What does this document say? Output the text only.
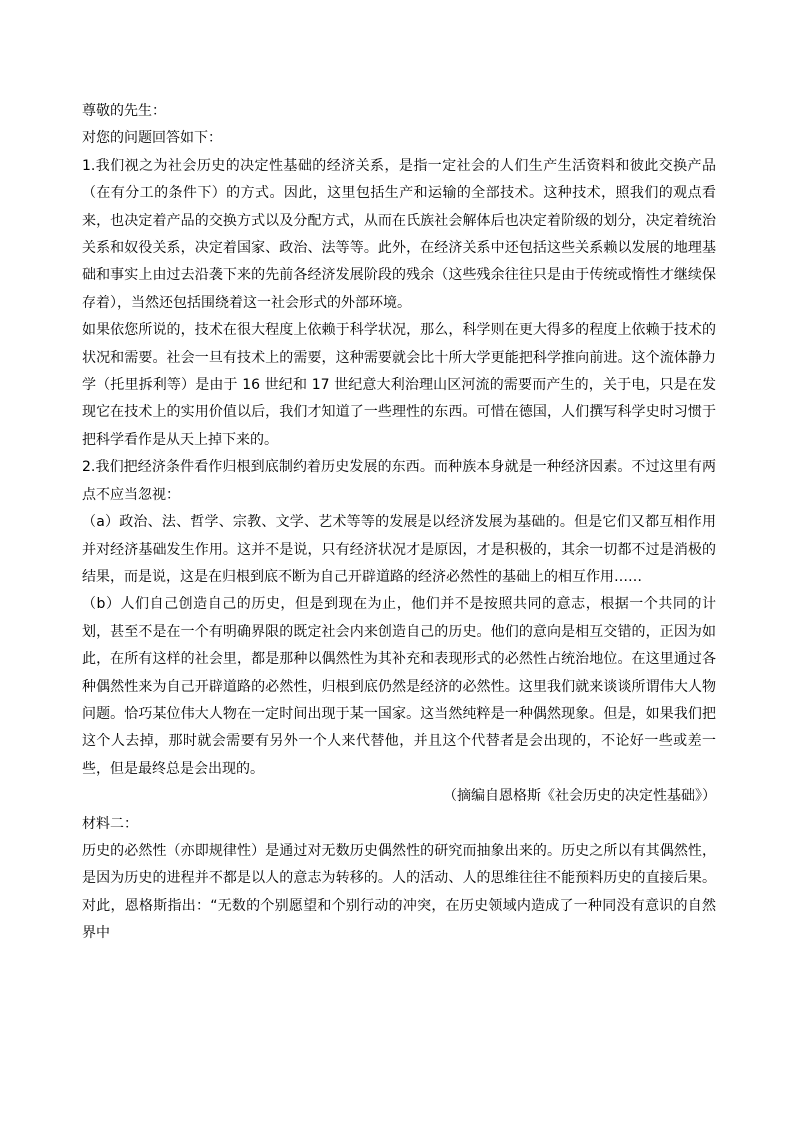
尊敬的先生：

对您的问题回答如下：

1.我们视之为社会历史的决定性基础的经济关系，是指一定社会的人们生产生活资料和彼此交换产品（在有分工的条件下）的方式。因此，这里包括生产和运输的全部技术。这种技术，照我们的观点看来，也决定着产品的交换方式以及分配方式，从而在氏族社会解体后也决定着阶级的划分，决定着统治关系和奴役关系，决定着国家、政治、法等等。此外，在经济关系中还包括这些关系赖以发展的地理基础和事实上由过去沿袭下来的先前各经济发展阶段的残余（这些残余往往只是由于传统或惰性才继续保存着），当然还包括围绕着这一社会形式的外部环境。

如果依您所说的，技术在很大程度上依赖于科学状况，那么，科学则在更大得多的程度上依赖于技术的状况和需要。社会一旦有技术上的需要，这种需要就会比十所大学更能把科学推向前进。这个流体静力学（托里拆利等）是由于 16 世纪和 17 世纪意大利治理山区河流的需要而产生的，关于电，只是在发现它在技术上的实用价值以后，我们才知道了一些理性的东西。可惜在德国，人们撰写科学史时习惯于把科学看作是从天上掉下来的。

2.我们把经济条件看作归根到底制约着历史发展的东西。而种族本身就是一种经济因素。不过这里有两点不应当忽视：

（a）政治、法、哲学、宗教、文学、艺术等等的发展是以经济发展为基础的。但是它们又都互相作用并对经济基础发生作用。这并不是说，只有经济状况才是原因，才是积极的，其余一切都不过是消极的结果，而是说，这是在归根到底不断为自己开辟道路的经济必然性的基础上的相互作用……

（b）人们自己创造自己的历史，但是到现在为止，他们并不是按照共同的意志，根据一个共同的计划，甚至不是在一个有明确界限的既定社会内来创造自己的历史。他们的意向是相互交错的，正因为如此，在所有这样的社会里，都是那种以偶然性为其补充和表现形式的必然性占统治地位。在这里通过各种偶然性来为自己开辟道路的必然性，归根到底仍然是经济的必然性。这里我们就来谈谈所谓伟大人物问题。恰巧某位伟大人物在一定时间出现于某一国家。这当然纯粹是一种偶然现象。但是，如果我们把这个人去掉，那时就会需要有另外一个人来代替他，并且这个代替者是会出现的，不论好一些或差一些，但是最终总是会出现的。

（摘编自恩格斯《社会历史的决定性基础》）

材料二：

历史的必然性（亦即规律性）是通过对无数历史偶然性的研究而抽象出来的。历史之所以有其偶然性，是因为历史的进程并不都是以人的意志为转移的。人的活动、人的思维往往不能预料历史的直接后果。对此，恩格斯指出：“无数的个别愿望和个别行动的冲突，在历史领域内造成了一种同没有意识的自然界中
